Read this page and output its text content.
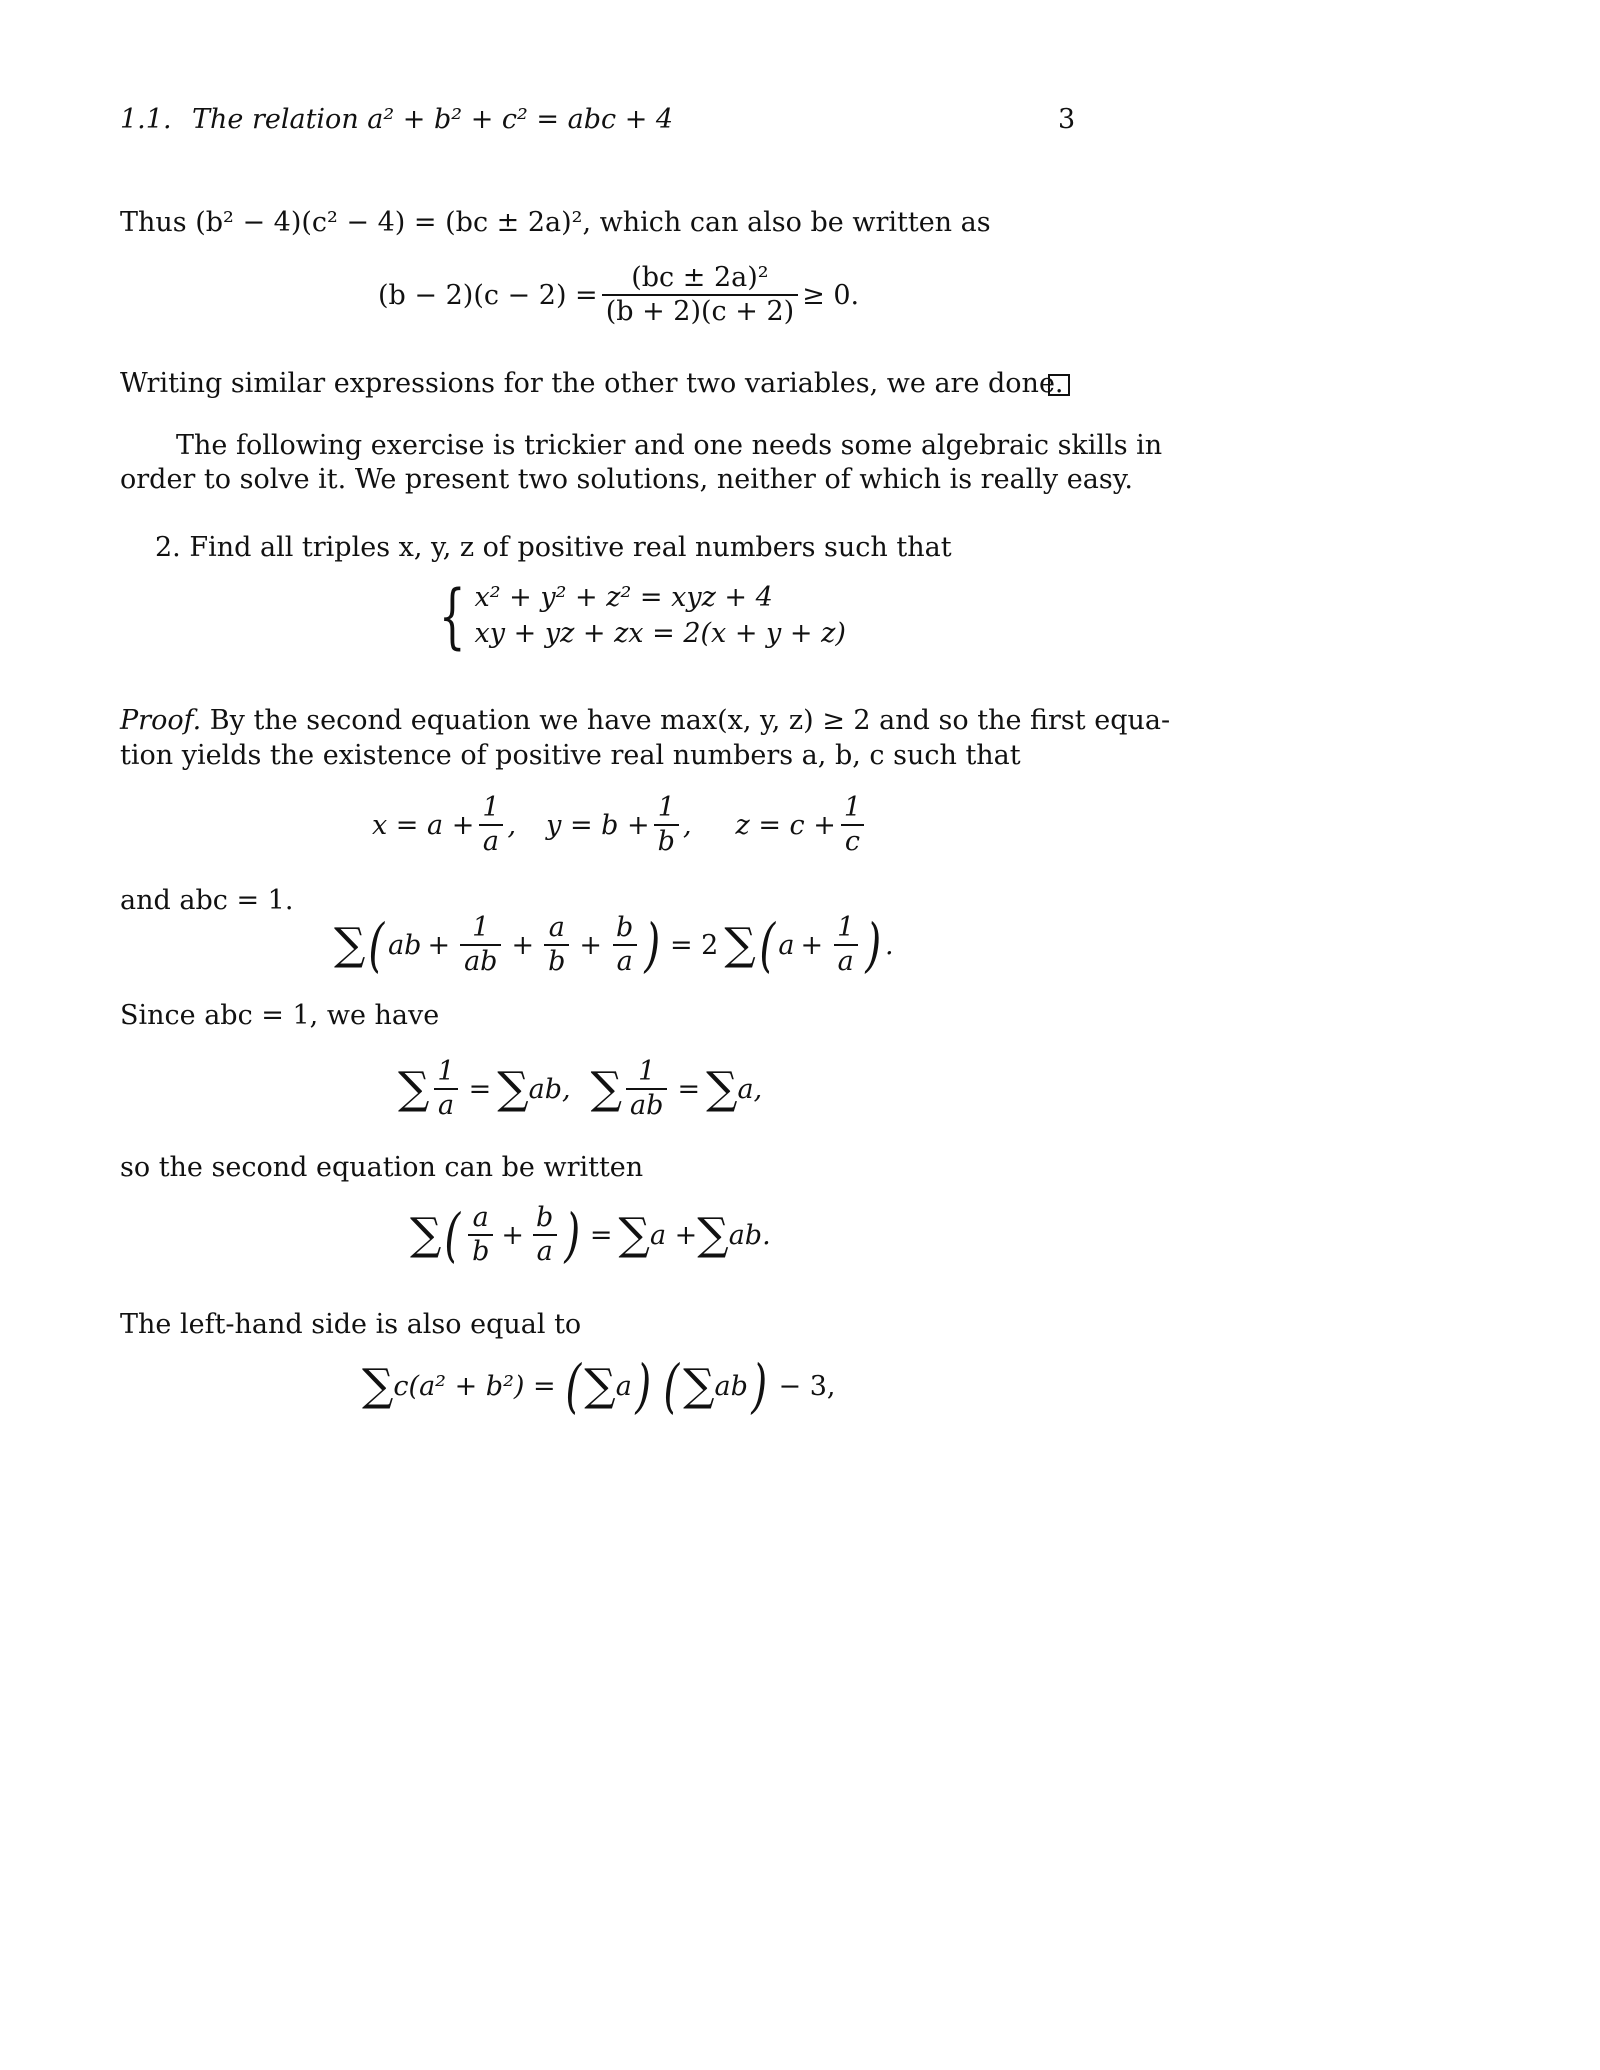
1.1. The relation a² + b² + c² = abc + 4	3
Thus (b² − 4)(c² − 4) = (bc ± 2a)², which can also be written as
$(b - 2)(c - 2) = \frac{\text{(bc ± 2a)²}}{(b + 2)(c + 2)} \ge 0$.
Writing similar expressions for the other two variables, we are done.
The following exercise is trickier and one needs some algebraic skills in
order to solve it. We present two solutions, neither of which is really easy.
2. Find all triples x, y, z of positive real numbers such that
{ x² + y² + z² = xyz + 4
xy + yz + zx = 2(x + y + z)
Proof. By the second equation we have max(x, y, z) ≥ 2 and so the first equa-
tion yields the existence of positive real numbers a, b, c such that
$x = a + \frac{1}{a}$ , $y = b + \frac{1}{b}$ , $z = c + \frac{1}{c}$
and abc = 1.
∑ ( ab + $\frac{1}{ab} + \frac{a}{b} + \frac{b}{a}$ ) = 2 ∑ ( $a + \frac{1}{a}$ ) .
Since abc = 1, we have
∑ $\frac{1}{a}$ = ∑ ab, ∑ $\frac{1}{ab}$ = ∑ a,
so the second equation can be written
∑ ( $\frac{a}{b} + \frac{b}{a}$ ) = ∑ a + ∑ ab.
The left-hand side is also equal to
∑ c(a² + b²) = ( ∑ a ) ( ∑ ab ) − 3,
